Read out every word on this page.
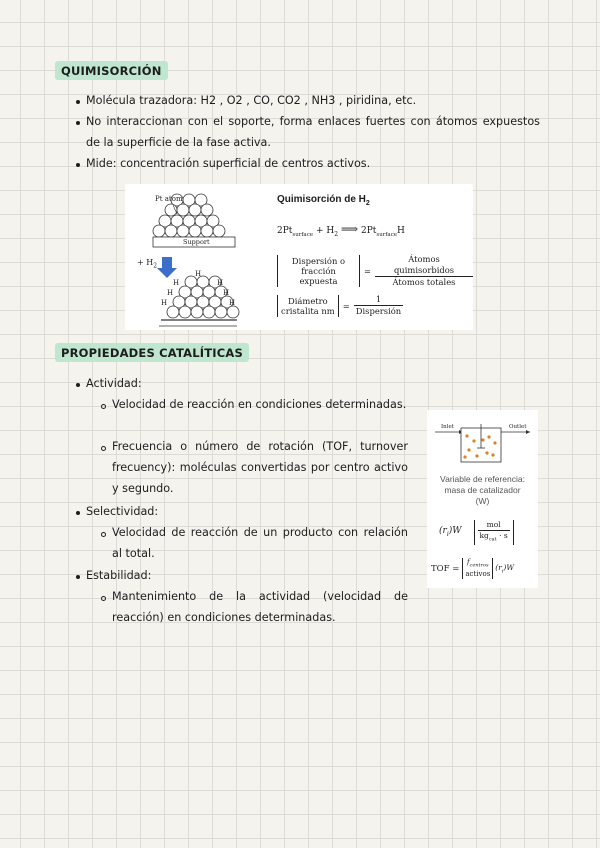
QUIMISORCIÓN
Molécula trazadora: H2 , O2 , CO, CO2 , NH3 , piridina, etc.
No interaccionan con el soporte, forma enlaces fuertes con átomos expuestos de la superficie de la fase activa.
Mide: concentración superficial de centros activos.
Pt atom
Support
+ $H_2$
H
H	H
H	H
H	H
Quimisorción de $H_2$
$2Pt_{surface} + H_2$ ⟹ $2Pt_{surface}H$
Dispersión o
fracción expuesta
= $\frac{\text{Átomos quimisorbidos}}{\text{Átomos totales}}$
Diámetro
cristalita nm = $\frac{1}{\text{Dispersión}}$
PROPIEDADES CATALÍTICAS
Actividad:
Velocidad de reacción en condiciones determinadas.
Frecuencia o número de rotación (TOF, turnover frecuency): moléculas convertidas por centro activo y segundo.
Selectividad:
Velocidad de reacción de un producto con relación al total.
Estabilidad:
Mantenimiento de la actividad (velocidad de reacción) en condiciones determinadas.
Inlet	Outlet
Variable de referencia: masa de catalizador (W)
$(r_i)W \frac{\text{mol}}{kg_{cat} \cdot s}$
TOF =
$f_{centros}$
activos
$(r_i)W$
